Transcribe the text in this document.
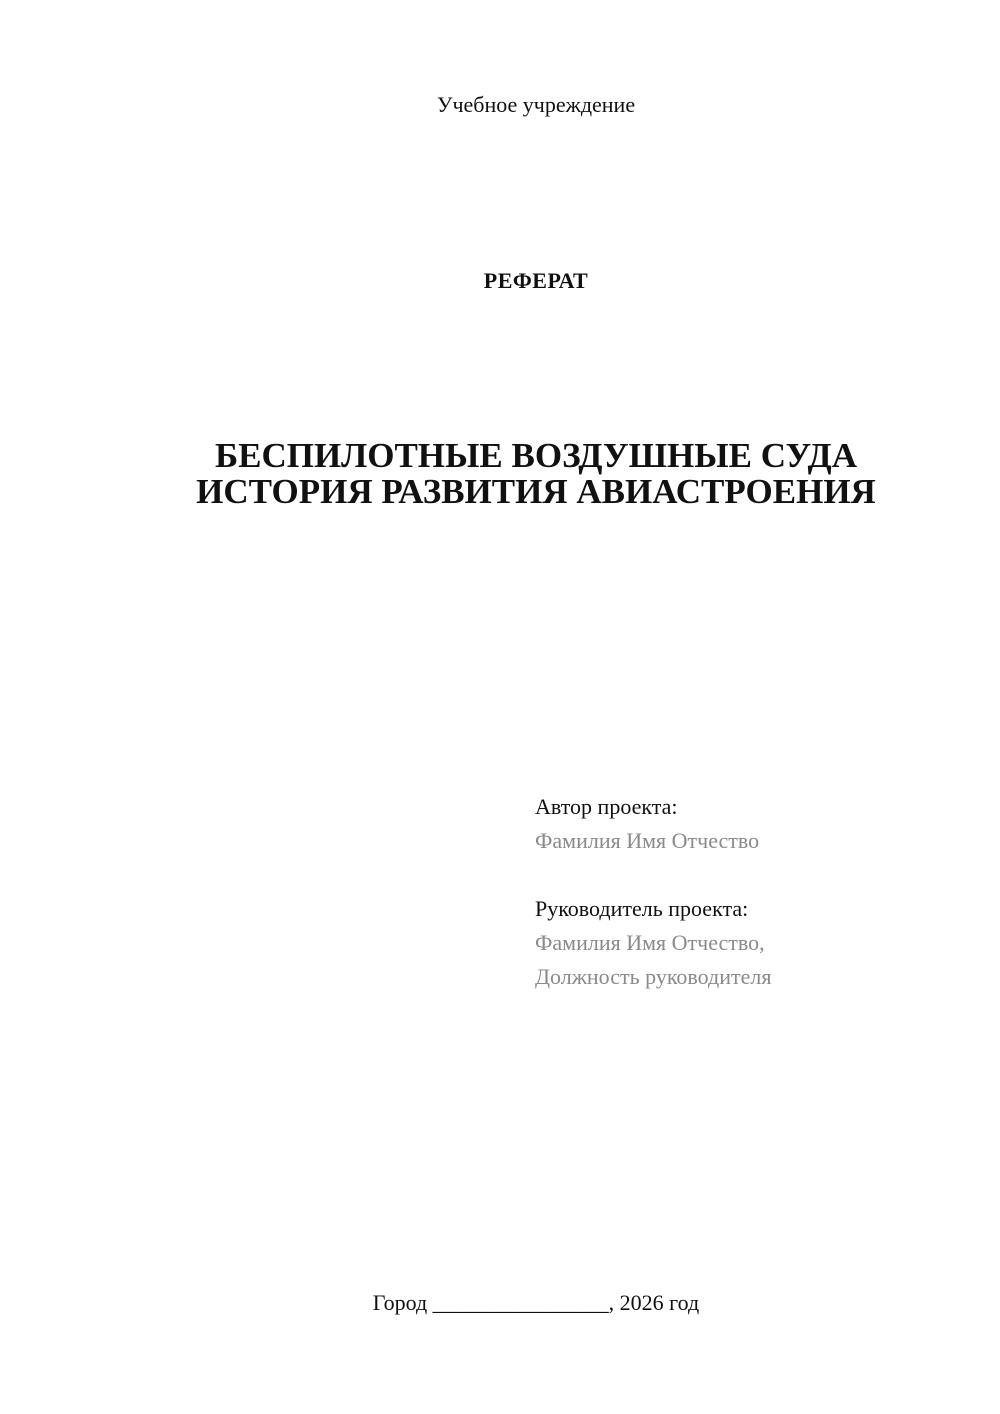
Учебное учреждение
РЕФЕРАТ
БЕСПИЛОТНЫЕ ВОЗДУШНЫЕ СУДА
ИСТОРИЯ РАЗВИТИЯ АВИАСТРОЕНИЯ
Автор проекта:
Фамилия Имя Отчество
Руководитель проекта:
Фамилия Имя Отчество,
Должность руководителя
Город ________________, 2026 год
